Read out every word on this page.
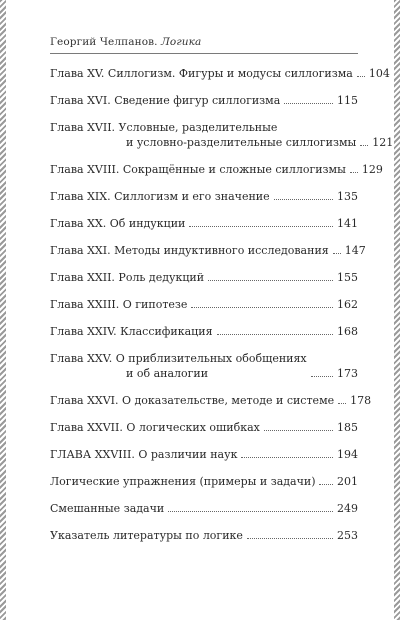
Георгий Челпанов. Логика
Глава XV. Силлогизм. Фигуры и модусы силлогизма 104
Глава XVI. Сведение фигур силлогизма	115
Глава XVII. Условные, разделительные
и условно-разделительные силлогизмы 121
Глава XVIII. Сокращённые и сложные силлогизмы 129
Глава XIX. Силлогизм и его значение	135
Глава XX. Об индукции	141
Глава XXI. Методы индуктивного исследования 147
Глава XXII. Роль дедукций	155
Глава XXIII. О гипотезе	162
Глава XXIV. Классификация	168
Глава XXV. О приблизительных обобщениях
и об аналогии	173
Глава XXVI. О доказательстве, методе и системе 178
Глава XXVII. О логических ошибках	185
ГЛАВА XXVIII. О различии наук	194
Логические упражнения (примеры и задачи) 201
Смешанные задачи	249
Указатель литературы по логике	253
